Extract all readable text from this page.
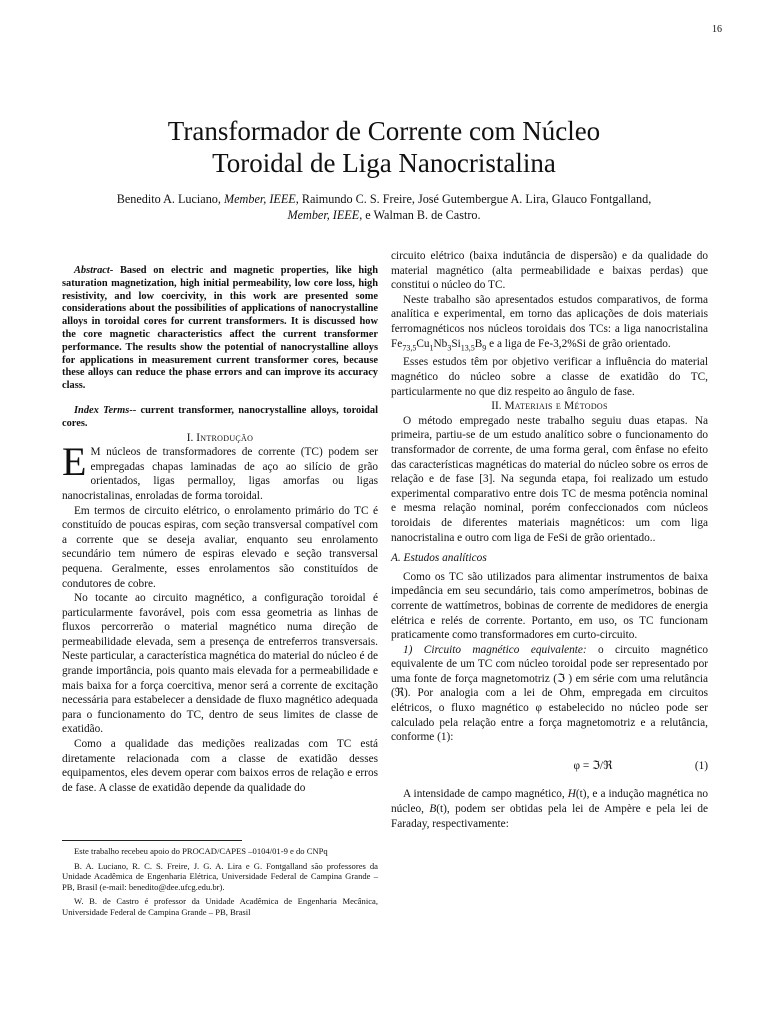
16
Transformador de Corrente com Núcleo
Toroidal de Liga Nanocristalina
Benedito A. Luciano, Member, IEEE, Raimundo C. S. Freire, José Gutembergue A. Lira, Glauco Fontgalland, Member, IEEE, e Walman B. de Castro.

Abstract- Based on electric and magnetic properties, like high saturation magnetization, high initial permeability, low core loss, high resistivity, and low coercivity, in this work are presented some considerations about the possibilities of applications of nanocrystalline alloys in toroidal cores for current transformers. It is discussed how the core magnetic characteristics affect the current transformer performance. The results show the potential of nanocrystalline alloys for applications in measurement current transformer cores, because these alloys can reduce the phase errors and can improve its accuracy class.

Index Terms-- current transformer, nanocrystalline alloys, toroidal cores.

I. Introdução

E M núcleos de transformadores de corrente (TC) podem ser empregadas chapas laminadas de aço ao silício de grão orientados, ligas permalloy, ligas amorfas ou ligas nanocristalinas, enroladas de forma toroidal.

Em termos de circuito elétrico, o enrolamento primário do TC é constituído de poucas espiras, com seção transversal compatível com a corrente que se deseja avaliar, enquanto seu enrolamento secundário tem número de espiras elevado e seção transversal pequena. Geralmente, esses enrolamentos são constituídos de condutores de cobre.

No tocante ao circuito magnético, a configuração toroidal é particularmente favorável, pois com essa geometria as linhas de fluxos percorrerão o material magnético numa direção de permeabilidade elevada, sem a presença de entreferros transversais. Neste particular, a característica magnética do material do núcleo é de grande importância, pois quanto mais elevada for a permeabilidade e mais baixa for a força coercitiva, menor será a corrente de excitação necessária para estabelecer a densidade de fluxo magnético adequada para o funcionamento do TC, dentro de seus limites de classe de exatidão.

Como a qualidade das medições realizadas com TC está diretamente relacionada com a classe de exatidão desses equipamentos, eles devem operar com baixos erros de relação e erros de fase. A classe de exatidão depende da qualidade do

Este trabalho recebeu apoio do PROCAD/CAPES –0104/01-9 e do CNPq

B. A. Luciano, R. C. S. Freire, J. G. A. Lira e G. Fontgalland são professores da Unidade Acadêmica de Engenharia Elétrica, Universidade Federal de Campina Grande – PB, Brasil (e-mail: benedito@dee.ufcg.edu.br).

W. B. de Castro é professor da Unidade Acadêmica de Engenharia Mecânica, Universidade Federal de Campina Grande – PB, Brasil

circuito elétrico (baixa indutância de dispersão) e da qualidade do material magnético (alta permeabilidade e baixas perdas) que constitui o núcleo do TC.

Neste trabalho são apresentados estudos comparativos, de forma analítica e experimental, em torno das aplicações de dois materiais ferromagnéticos nos núcleos toroidais dos TCs: a liga nanocristalina $Fe_{73,5}Cu_1Nb_3Si_{13,5}B_9$ e a liga de Fe-3,2%Si de grão orientado.

Esses estudos têm por objetivo verificar a influência do material magnético do núcleo sobre a classe de exatidão do TC, particularmente no que diz respeito ao ângulo de fase.

II. Materiais e Métodos

O método empregado neste trabalho seguiu duas etapas. Na primeira, partiu-se de um estudo analítico sobre o funcionamento do transformador de corrente, de uma forma geral, com ênfase no efeito das características magnéticas do material do núcleo sobre os erros de relação e de fase [3]. Na segunda etapa, foi realizado um estudo experimental comparativo entre dois TC de mesma potência nominal e mesma relação nominal, porém confeccionados com núcleos toroidais de diferentes materiais magnéticos: um com liga nanocristalina e outro com liga de FeSi de grão orientado..

A. Estudos analíticos

Como os TC são utilizados para alimentar instrumentos de baixa impedância em seu secundário, tais como amperímetros, bobinas de corrente de wattímetros, bobinas de corrente de medidores de energia elétrica e relés de corrente. Portanto, em uso, os TC funcionam praticamente como transformadores em curto-circuito.

1) Circuito magnético equivalente: o circuito magnético equivalente de um TC com núcleo toroidal pode ser representado por uma fonte de força magnetomotriz (ℑ ) em série com uma relutância (ℜ). Por analogia com a lei de Ohm, empregada em circuitos elétricos, o fluxo magnético φ estabelecido no núcleo pode ser calculado pela relação entre a força magnetomotriz e a relutância, conforme (1):

φ = ℑ/ℜ	(1)

A intensidade de campo magnético, H(t), e a indução magnética no núcleo, B(t), podem ser obtidas pela lei de Ampère e pela lei de Faraday, respectivamente:
